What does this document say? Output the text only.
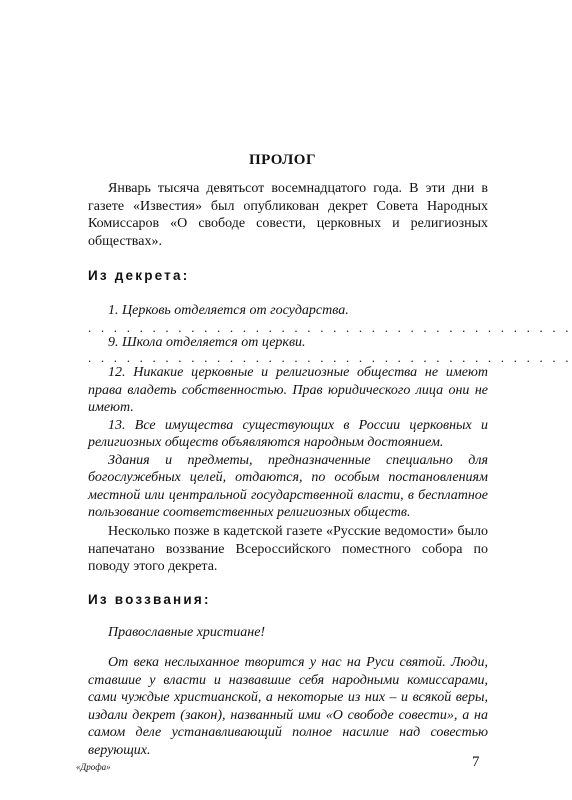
ПРОЛОГ

Январь тысяча девятьсот восемнадцатого года. В эти дни в газете «Известия» был опубликован декрет Совета Народных Комиссаров «О свободе совести, церковных и религиозных обществах».

Из декрета:

1. Церковь отделяется от государства.

. . . . . . . . . . . . . . . . . . . . . . . . . . . . . . . . . . . . . .

9. Школа отделяется от церкви.

. . . . . . . . . . . . . . . . . . . . . . . . . . . . . . . . . . . . . .

12. Никакие церковные и религиозные общества не имеют права владеть собственностью. Прав юридического лица они не имеют.

13. Все имущества существующих в России церковных и религиозных обществ объявляются народным достоянием.

Здания и предметы, предназначенные специально для богослужебных целей, отдаются, по особым постановлениям местной или центральной государственной власти, в бесплатное пользование соответственных религиозных обществ.

Несколько позже в кадетской газете «Русские ведомости» было напечатано воззвание Всероссийского поместного собора по поводу этого декрета.

Из воззвания:

Православные христиане!

От века неслыханное творится у нас на Руси святой. Люди, ставшие у власти и назвавшие себя народными комиссарами, сами чуждые христианской, а некоторые из них – и всякой веры, издали декрет (закон), названный ими «О свободе совести», а на самом деле устанавливающий полное насилие над совестью верующих.

«Дрофа»	7
